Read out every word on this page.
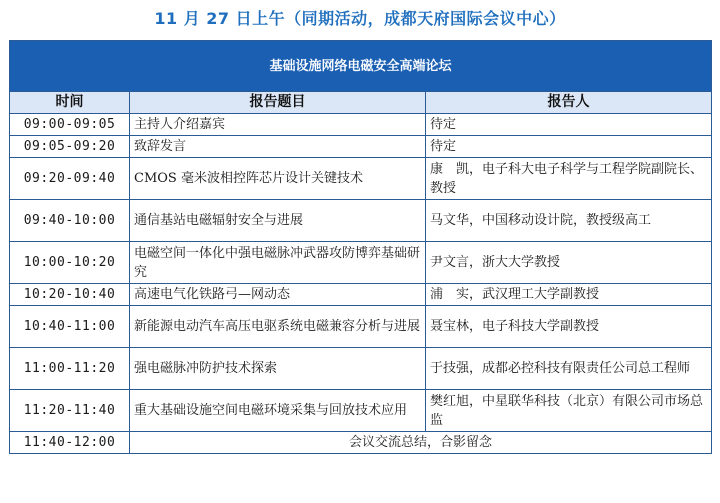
11 月 27 日上午（同期活动，成都天府国际会议中心）
基础设施网络电磁安全高端论坛		
时间	报告题目	报告人
09:00-09:05	主持人介绍嘉宾	待定
09:05-09:20	致辞发言	待定
09:20-09:40	CMOS 毫米波相控阵芯片设计关键技术	康　凯，电子科大电子科学与工程学院副院长、教授
09:40-10:00	通信基站电磁辐射安全与进展	马文华，中国移动设计院，教授级高工
10:00-10:20	电磁空间一体化中强电磁脉冲武器攻防博弈基础研究	尹文言，浙大大学教授
10:20-10:40	高速电气化铁路弓—网动态	浦　实，武汉理工大学副教授
10:40-11:00	新能源电动汽车高压电驱系统电磁兼容分析与进展	聂宝林，电子科技大学副教授
11:00-11:20	强电磁脉冲防护技术探索	于技强，成都必控科技有限责任公司总工程师
11:20-11:40	重大基础设施空间电磁环境采集与回放技术应用	樊红旭，中星联华科技（北京）有限公司市场总监
11:40-12:00	会议交流总结，合影留念	
